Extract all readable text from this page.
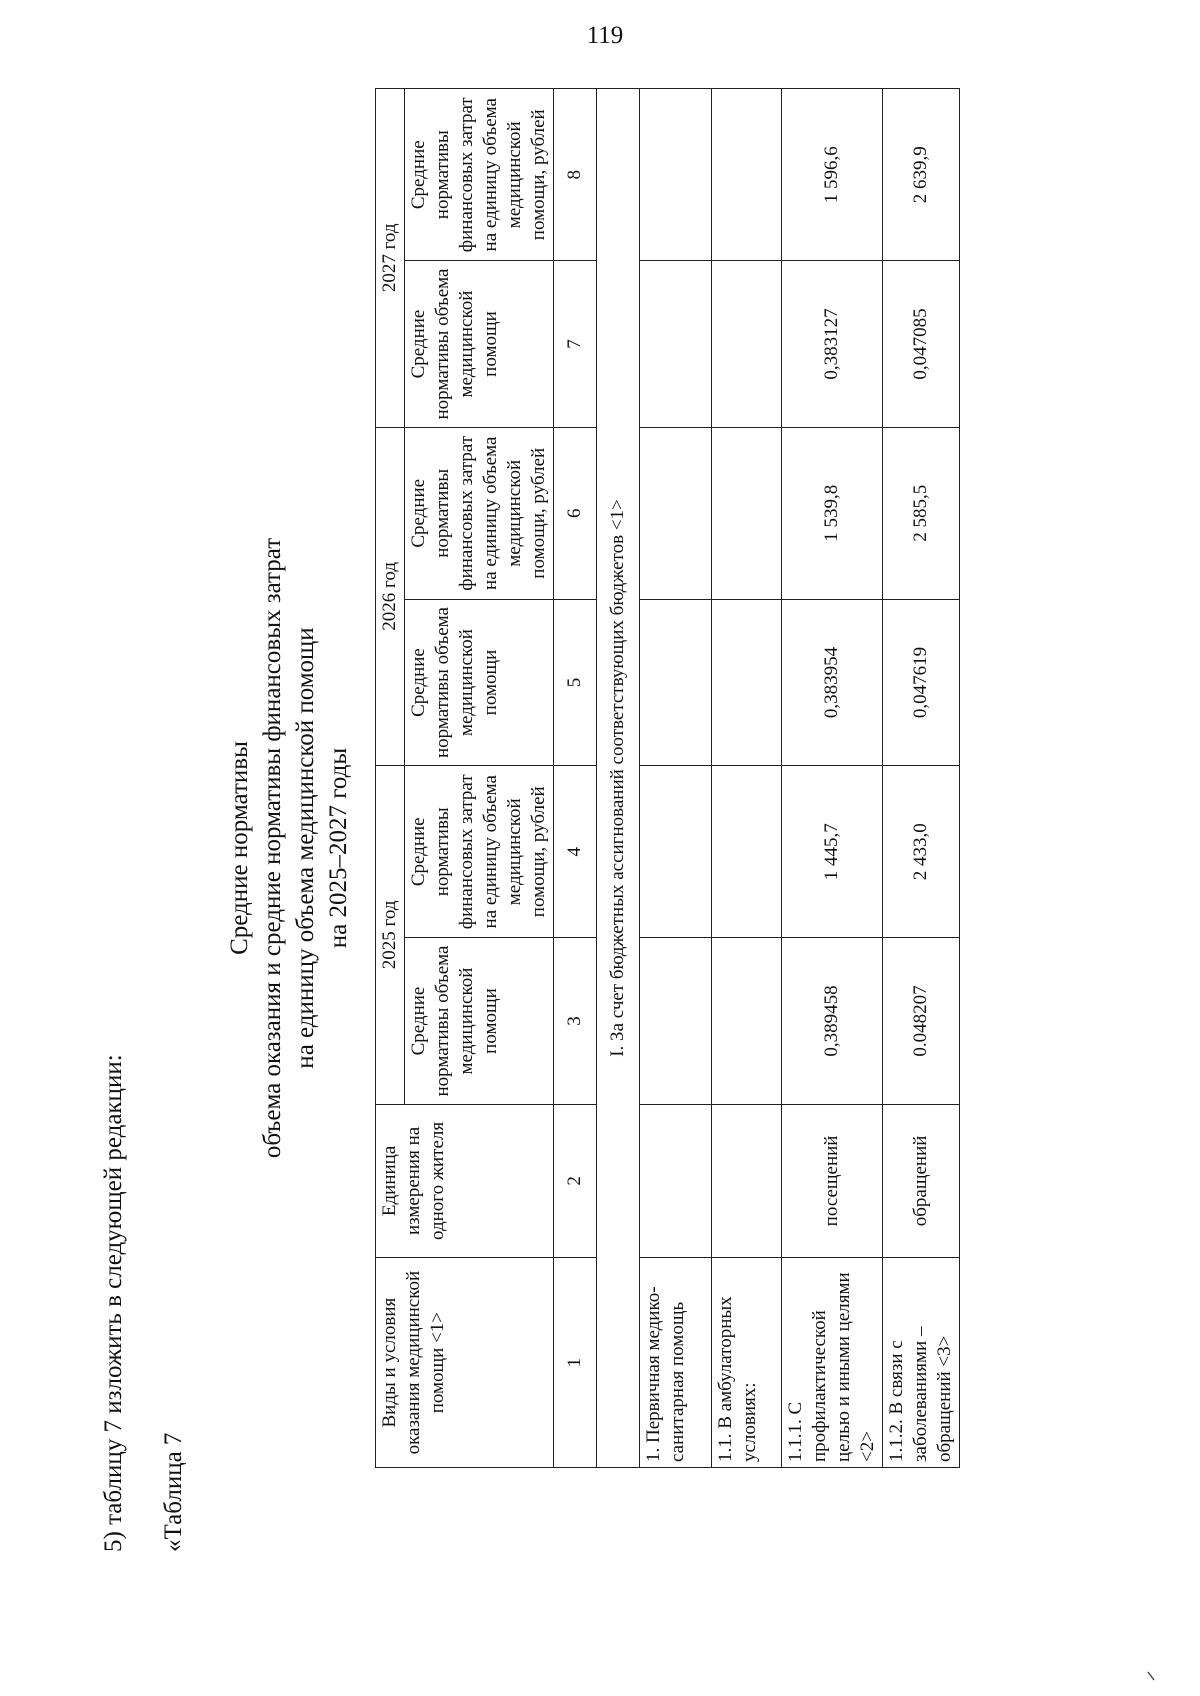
119
5) таблицу 7 изложить в следующей редакции: «Таблица 7
Средние нормативы объема оказания и средние нормативы финансовых затрат на единицу объема медицинской помощи на 2025–2027 годы
Виды и условия оказания медицинской помощи <1>	Единица измерения на одного жителя	2025 год		2026 год		2027 год	
		Средние нормативы объема медицинской помощи	Средние нормативы финансовых затрат на единицу объема медицинской помощи, рублей	Средние нормативы объема медицинской помощи	Средние нормативы финансовых затрат на единицу объема медицинской помощи, рублей	Средние нормативы объема медицинской помощи	Средние нормативы финансовых затрат на единицу объема медицинской помощи, рублей
1	2	3	4	5	6	7	8
I. За счет бюджетных ассигнований соответствующих бюджетов <1>							
1. Первичная медико-санитарная помощь							
1.1. В амбулаторных условиях:							
1.1.1. С профилактической целью и иными целями <2>	посещений	0,389458	1 445,7	0,383954	1 539,8	0,383127	1 596,6
1.1.2. В связи с заболеваниями – обращений <3>	обращений	0.048207	2 433,0	0,047619	2 585,5	0,047085	2 639,9
